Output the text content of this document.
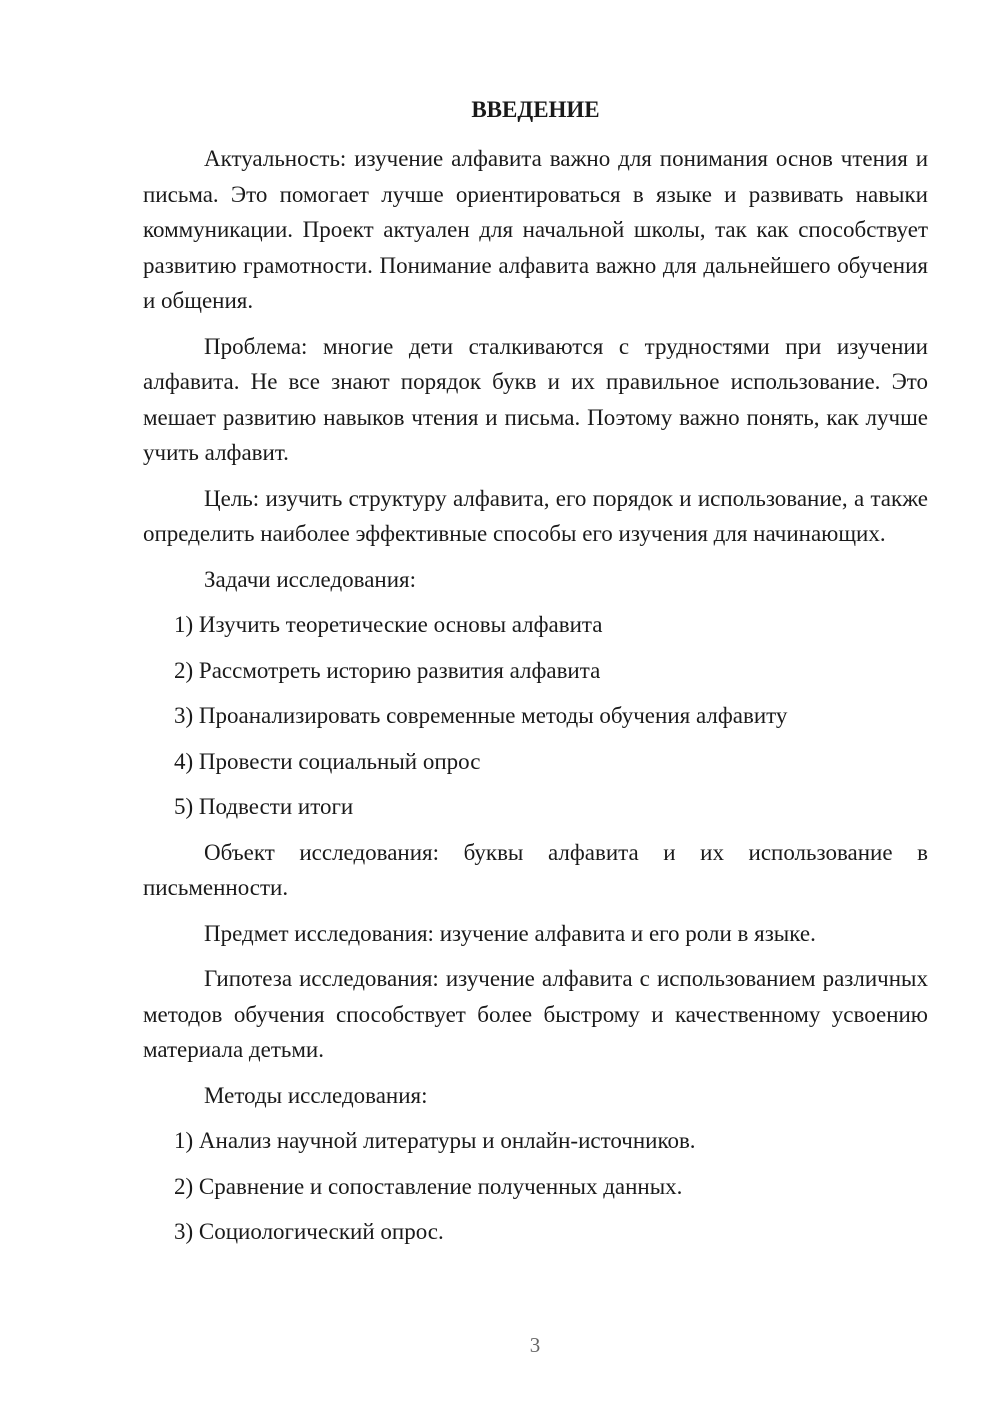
ВВЕДЕНИЕ

Актуальность: изучение алфавита важно для понимания основ чтения и письма. Это помогает лучше ориентироваться в языке и развивать навыки коммуникации. Проект актуален для начальной школы, так как способствует развитию грамотности. Понимание алфавита важно для дальнейшего обучения и общения.

Проблема: многие дети сталкиваются с трудностями при изучении алфавита. Не все знают порядок букв и их правильное использование. Это мешает развитию навыков чтения и письма. Поэтому важно понять, как лучше учить алфавит.

Цель: изучить структуру алфавита, его порядок и использование, а также определить наиболее эффективные способы его изучения для начинающих.

Задачи исследования:

1) Изучить теоретические основы алфавита
2) Рассмотреть историю развития алфавита
3) Проанализировать современные методы обучения алфавиту
4) Провести социальный опрос
5) Подвести итоги

Объект исследования: буквы алфавита и их использование в письменности.

Предмет исследования: изучение алфавита и его роли в языке.

Гипотеза исследования: изучение алфавита с использованием различных методов обучения способствует более быстрому и качественному усвоению материала детьми.

Методы исследования:

1) Анализ научной литературы и онлайн-источников.
2) Сравнение и сопоставление полученных данных.
3) Социологический опрос.
3
